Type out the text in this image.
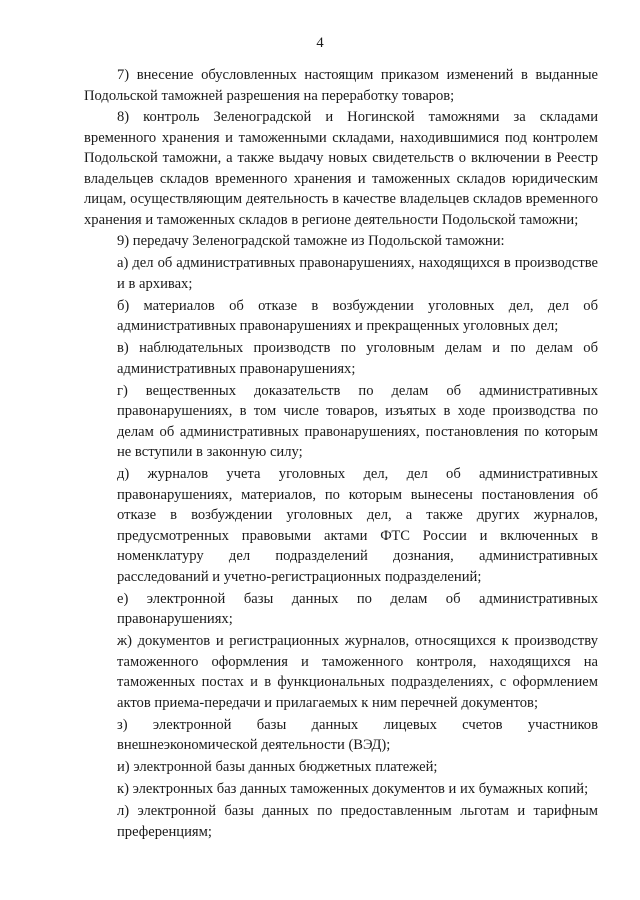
4

7) внесение обусловленных настоящим приказом изменений в выданные Подольской таможней разрешения на переработку товаров;

8) контроль Зеленоградской и Ногинской таможнями за складами временного хранения и таможенными складами, находившимися под контролем Подольской таможни, а также выдачу новых свидетельств о включении в Реестр владельцев складов временного хранения и таможенных складов юридическим лицам, осуществляющим деятельность в качестве владельцев складов временного хранения и таможенных складов в регионе деятельности Подольской таможни;

9) передачу Зеленоградской таможне из Подольской таможни:

а) дел об административных правонарушениях, находящихся в производстве и в архивах;

б) материалов об отказе в возбуждении уголовных дел, дел об административных правонарушениях и прекращенных уголовных дел;

в) наблюдательных производств по уголовным делам и по делам об административных правонарушениях;

г) вещественных доказательств по делам об административных правонарушениях, в том числе товаров, изъятых в ходе производства по делам об административных правонарушениях, постановления по которым не вступили в законную силу;

д) журналов учета уголовных дел, дел об административных правонарушениях, материалов, по которым вынесены постановления об отказе в возбуждении уголовных дел, а также других журналов, предусмотренных правовыми актами ФТС России и включенных в номенклатуру дел подразделений дознания, административных расследований и учетно-регистрационных подразделений;

е) электронной базы данных по делам об административных правонарушениях;

ж) документов и регистрационных журналов, относящихся к производству таможенного оформления и таможенного контроля, находящихся на таможенных постах и в функциональных подразделениях, с оформлением актов приема-передачи и прилагаемых к ним перечней документов;

з) электронной базы данных лицевых счетов участников внешнеэкономической деятельности (ВЭД);

и) электронной базы данных бюджетных платежей;

к) электронных баз данных таможенных документов и их бумажных копий;

л) электронной базы данных по предоставленным льготам и тарифным преференциям;
